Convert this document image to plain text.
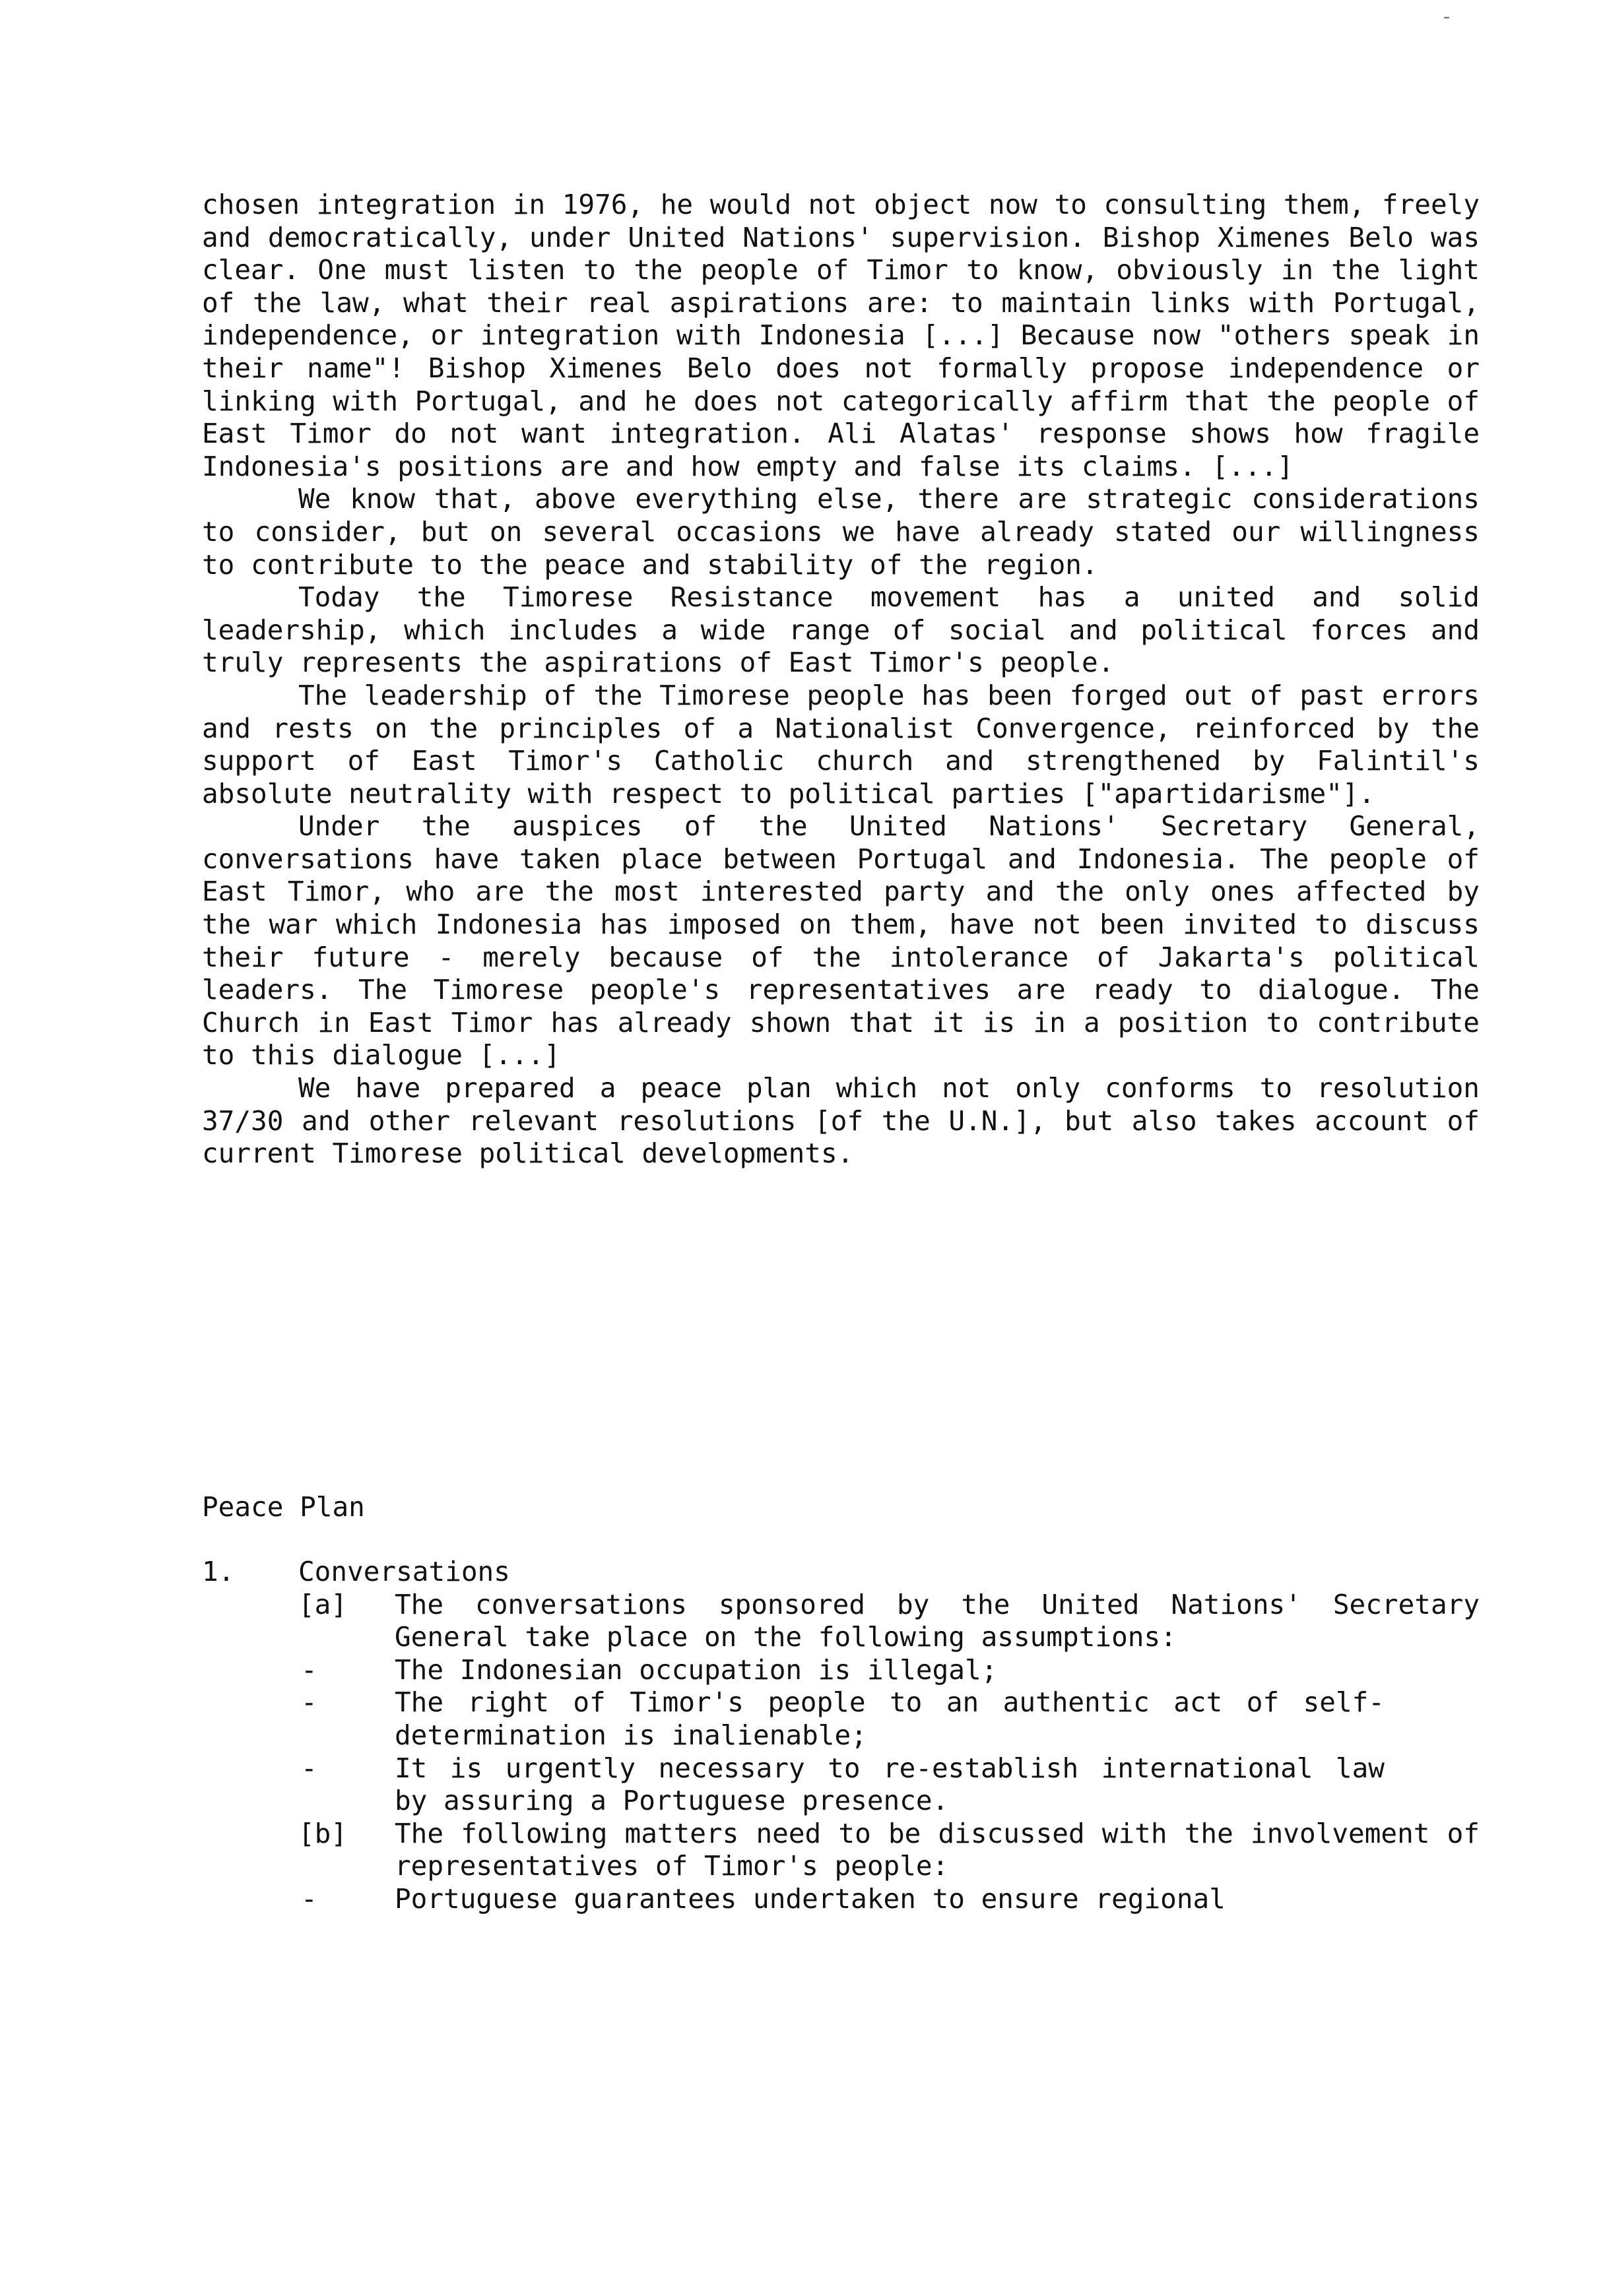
-

chosen integration in 1976, he would not object now to consulting them, freely and democratically, under United Nations' supervision. Bishop Ximenes Belo was clear. One must listen to the people of Timor to know, obviously in the light of the law, what their real aspirations are: to maintain links with Portugal, independence, or integration with Indonesia [...] Because now "others speak in their name"! Bishop Ximenes Belo does not formally propose independence or linking with Portugal, and he does not categorically affirm that the people of East Timor do not want integration. Ali Alatas' response shows how fragile Indonesia's positions are and how empty and false its claims. [...]

We know that, above everything else, there are strategic considerations to consider, but on several occasions we have already stated our willingness to contribute to the peace and stability of the region.

Today the Timorese Resistance movement has a united and solid leadership, which includes a wide range of social and political forces and truly represents the aspirations of East Timor's people.

The leadership of the Timorese people has been forged out of past errors and rests on the principles of a Nationalist Convergence, reinforced by the support of East Timor's Catholic church and strengthened by Falintil's absolute neutrality with respect to political parties ["apartidarisme"].

Under the auspices of the United Nations' Secretary General, conversations have taken place between Portugal and Indonesia. The people of East Timor, who are the most interested party and the only ones affected by the war which Indonesia has imposed on them, have not been invited to discuss their future - merely because of the intolerance of Jakarta's political leaders. The Timorese people's representatives are ready to dialogue. The Church in East Timor has already shown that it is in a position to contribute to this dialogue [...]

We have prepared a peace plan which not only conforms to resolution 37/30 and other relevant resolutions [of the U.N.], but also takes account of current Timorese political developments.

Peace Plan

1.	Conversations
[a]	The conversations sponsored by the United Nations' Secretary General take place on the following assumptions:
-	The Indonesian occupation is illegal;
-	The right of Timor's people to an authentic act of self-determination is inalienable;
-	It is urgently necessary to re-establish international law by assuring a Portuguese presence.
[b]	The following matters need to be discussed with the involvement of representatives of Timor's people:
-	Portuguese guarantees undertaken to ensure regional
